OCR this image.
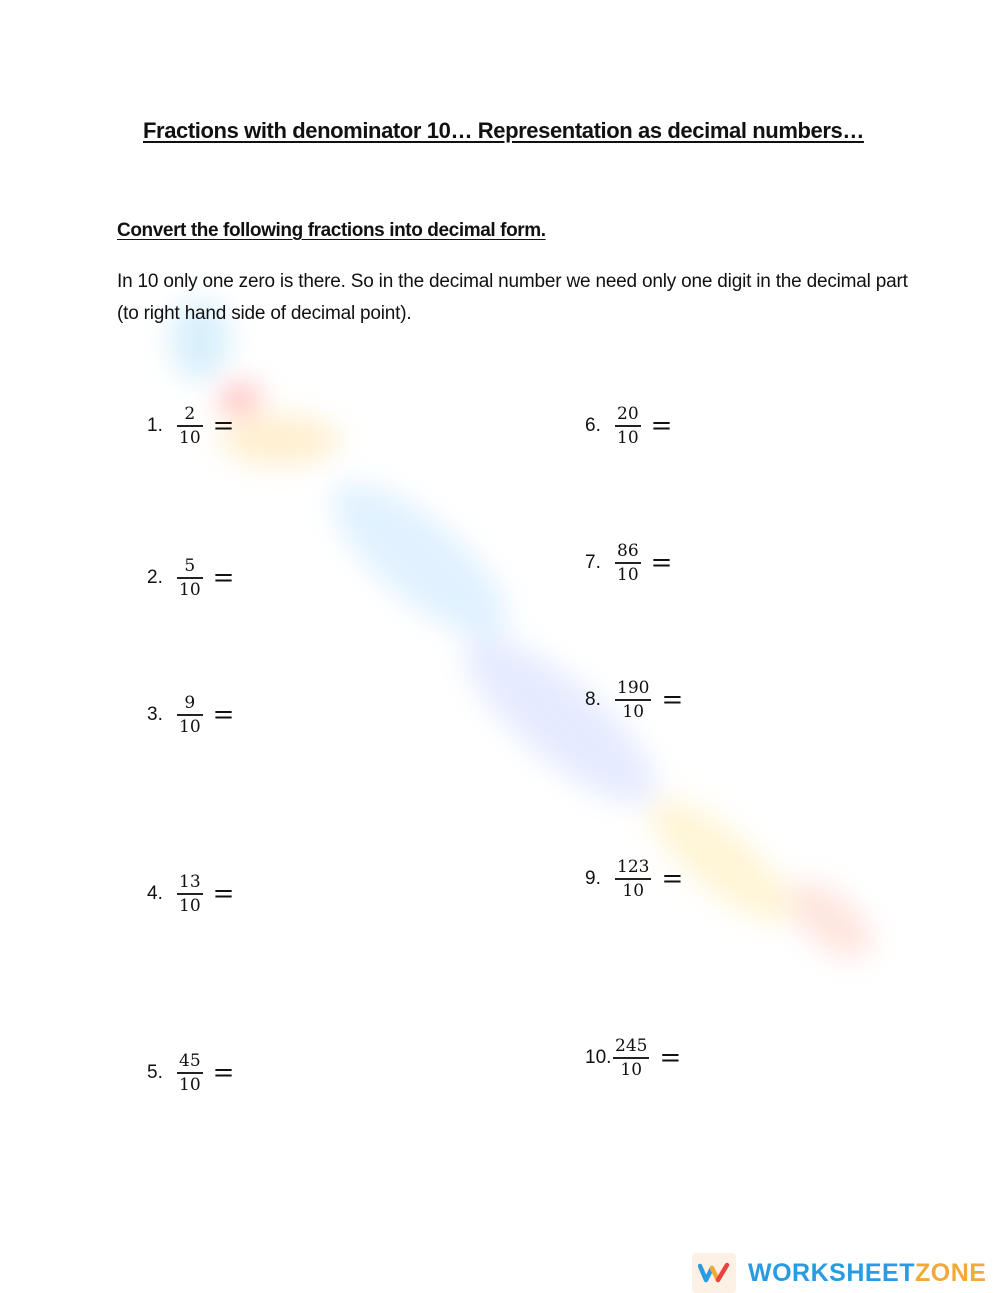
Fractions with denominator 10… Representation as decimal numbers…
Convert the following fractions into decimal form.
In 10 only one zero is there. So in the decimal number we need only one digit in the decimal part (to right hand side of decimal point).
1. $\frac{2}{10}$ =
2. $\frac{5}{10}$ =
3. $\frac{9}{10}$ =
4. $\frac{13}{10}$ =
5. $\frac{45}{10}$ =
6. $\frac{20}{10}$ =
7. $\frac{86}{10}$ =
8. $\frac{190}{10}$ =
9. $\frac{123}{10}$ =
10. $\frac{245}{10}$ =
WORKSHEETZONE
